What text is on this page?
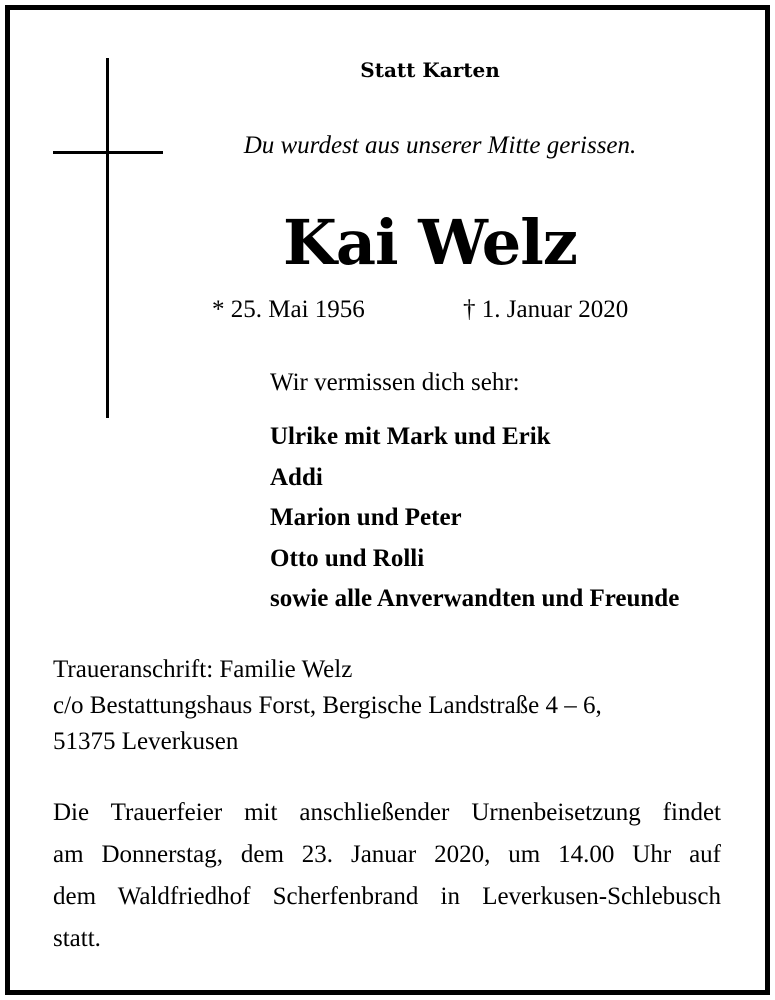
Statt Karten
Du wurdest aus unserer Mitte gerissen.
Kai Welz
* 25. Mai 1956	† 1. Januar 2020
Wir vermissen dich sehr:
Ulrike mit Mark und Erik
Addi
Marion und Peter
Otto und Rolli
sowie alle Anverwandten und Freunde
Traueranschrift: Familie Welz
c/o Bestattungshaus Forst, Bergische Landstraße 4 – 6,
51375 Leverkusen
Die Trauerfeier mit anschließender Urnenbeisetzung findet
am Donnerstag, dem 23. Januar 2020, um 14.00 Uhr auf
dem Waldfriedhof Scherfenbrand in Leverkusen-Schlebusch
statt.
